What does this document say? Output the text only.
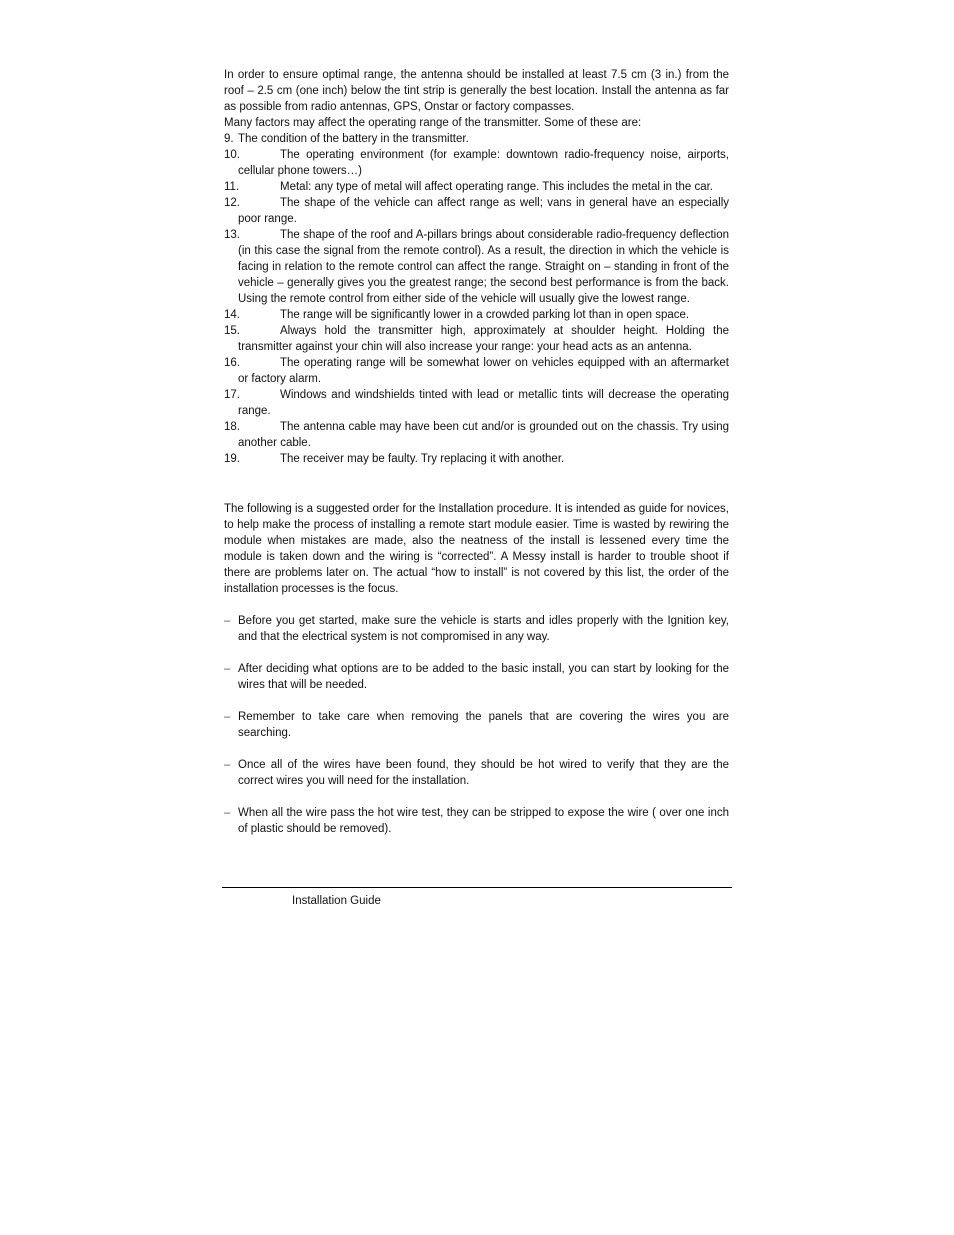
In order to ensure optimal range, the antenna should be installed at least 7.5 cm (3 in.) from the roof – 2.5 cm (one inch) below the tint strip is generally the best location. Install the antenna as far as possible from radio antennas, GPS, Onstar or factory compasses.

Many factors may affect the operating range of the transmitter. Some of these are:

9. The condition of the battery in the transmitter.
10.	The operating environment (for example: downtown radio-frequency noise, airports, cellular phone towers…)
11.	Metal: any type of metal will affect operating range. This includes the metal in the car.
12.	The shape of the vehicle can affect range as well; vans in general have an especially poor range.
13.	The shape of the roof and A-pillars brings about considerable radio-frequency deflection (in this case the signal from the remote control). As a result, the direction in which the vehicle is facing in relation to the remote control can affect the range. Straight on – standing in front of the vehicle – generally gives you the greatest range; the second best performance is from the back. Using the remote control from either side of the vehicle will usually give the lowest range.
14.	The range will be significantly lower in a crowded parking lot than in open space.
15.	Always hold the transmitter high, approximately at shoulder height. Holding the transmitter against your chin will also increase your range: your head acts as an antenna.
16.	The operating range will be somewhat lower on vehicles equipped with an aftermarket or factory alarm.
17.	Windows and windshields tinted with lead or metallic tints will decrease the operating range.
18.	The antenna cable may have been cut and/or is grounded out on the chassis. Try using another cable.
19.	The receiver may be faulty. Try replacing it with another.

The following is a suggested order for the Installation procedure. It is intended as guide for novices, to help make the process of installing a remote start module easier. Time is wasted by rewiring the module when mistakes are made, also the neatness of the install is lessened every time the module is taken down and the wiring is “corrected”. A Messy install is harder to trouble shoot if there are problems later on. The actual “how to install” is not covered by this list, the order of the installation processes is the focus.

– Before you get started, make sure the vehicle is starts and idles properly with the Ignition key, and that the electrical system is not compromised in any way.
– After deciding what options are to be added to the basic install, you can start by looking for the wires that will be needed.
– Remember to take care when removing the panels that are covering the wires you are searching.
– Once all of the wires have been found, they should be hot wired to verify that they are the correct wires you will need for the installation.
– When all the wire pass the hot wire test, they can be stripped to expose the wire ( over one inch of plastic should be removed).
Installation Guide
